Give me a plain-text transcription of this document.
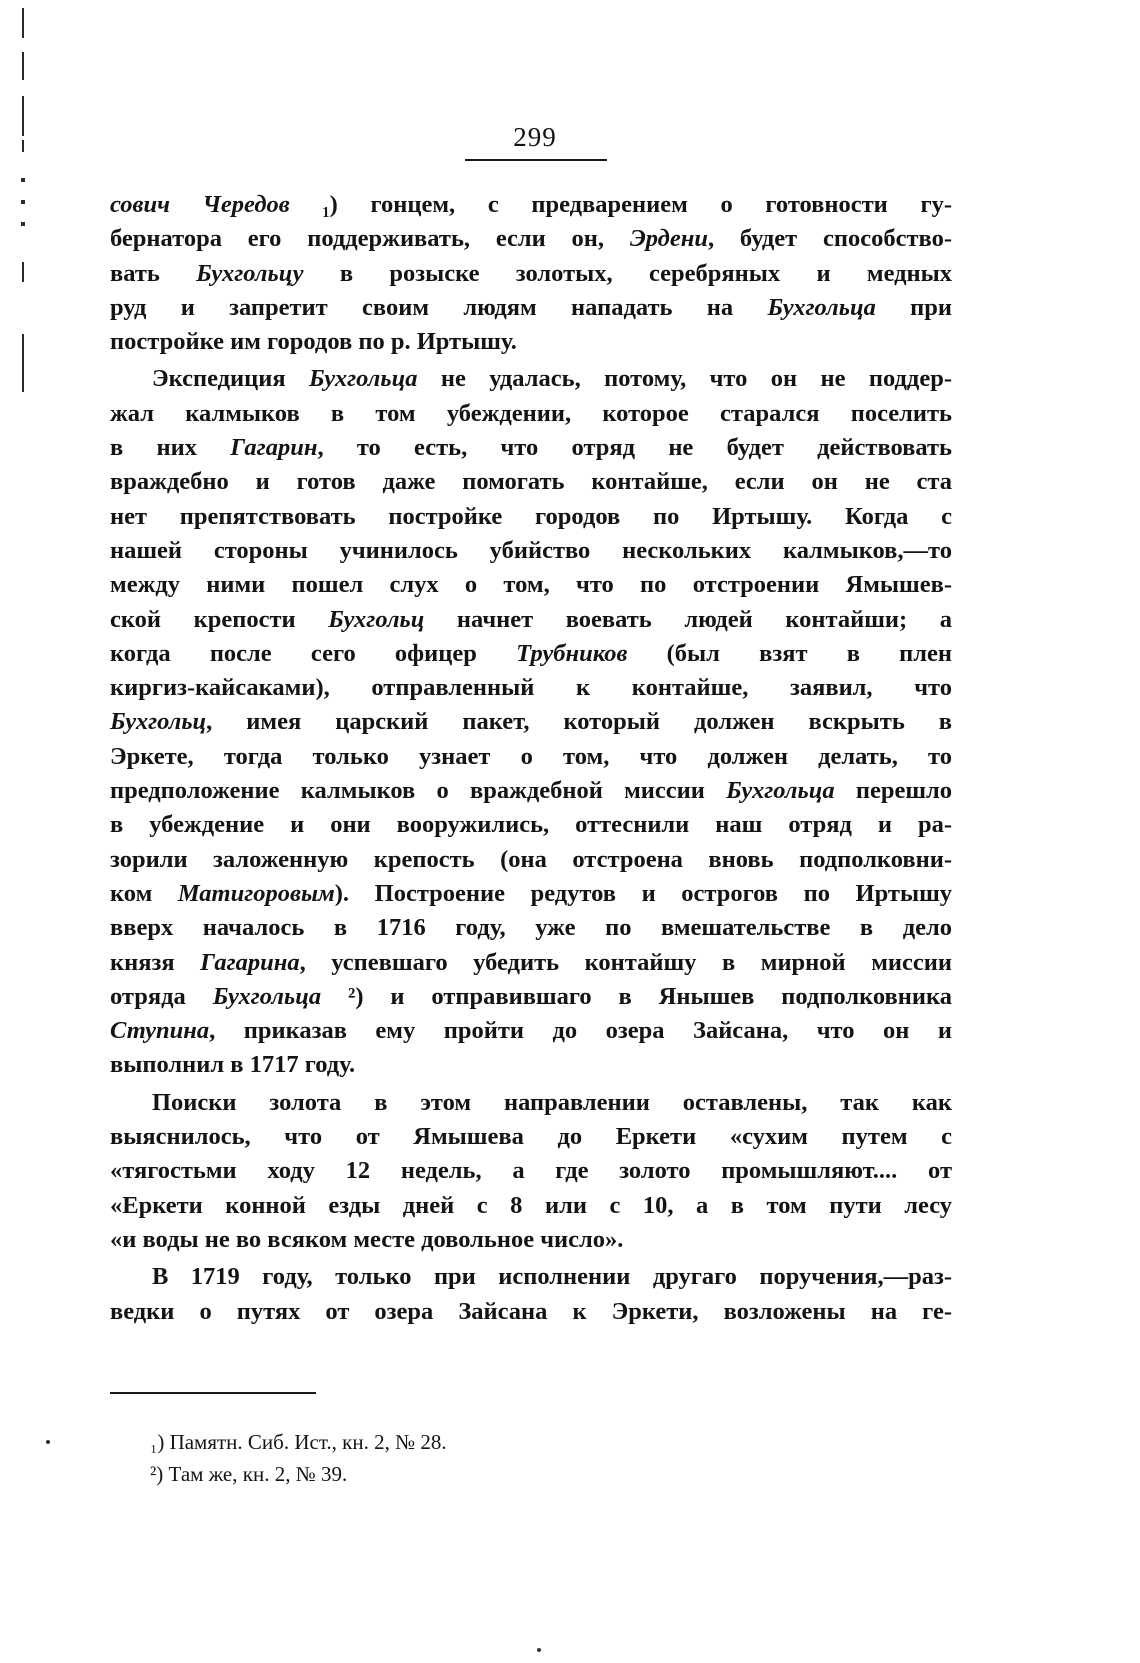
299
сович Чередов ₁) гонцем, с предварением о готовности гу-
бернатора его поддерживать, если он, Эрдени, будет способство-
вать Бухгольцу в розыске золотых, серебряных и медных
руд и запретит своим людям нападать на Бухгольца при
постройке им городов по р. Иртышу.
Экспедиция Бухгольца не удалась, потому, что он не поддер-
жал калмыков в том убеждении, которое старался поселить
в них Гагарин, то есть, что отряд не будет действовать
враждебно и готов даже помогать контайше, если он не ста
нет препятствовать постройке городов по Иртышу. Когда с
нашей стороны учинилось убийство нескольких калмыков,—то
между ними пошел слух о том, что по отстроении Ямышев-
ской крепости Бухгольц начнет воевать людей контайши; а
когда после сего офицер Трубников (был взят в плен
киргиз-кайсаками), отправленный к контайше, заявил, что
Бухгольц, имея царский пакет, который должен вскрыть в
Эркете, тогда только узнает о том, что должен делать, то
предположение калмыков о враждебной миссии Бухгольца перешло
в убеждение и они вооружились, оттеснили наш отряд и ра-
зорили заложенную крепость (она отстроена вновь подполковни-
ком Матигоровым). Построение редутов и острогов по Иртышу
вверх началось в 1716 году, уже по вмешательстве в дело
князя Гагарина, успевшаго убедить контайшу в мирной миссии
отряда Бухгольца ²) и отправившаго в Янышев подполковника
Ступина, приказав ему пройти до озера Зайсана, что он и
выполнил в 1717 году.
Поиски золота в этом направлении оставлены, так как
выяснилось, что от Ямышева до Еркети «сухим путем с
«тягостьми ходу 12 недель, а где золото промышляют.... от
«Еркети конной езды дней с 8 или с 10, а в том пути лесу
«и воды не во всяком месте довольное число».
В 1719 году, только при исполнении другаго поручения,—раз-
ведки о путях от озера Зайсана к Эркети, возложены на ге-
₁) Памятн. Сиб. Ист., кн. 2, № 28.
²) Там же, кн. 2, № 39.
